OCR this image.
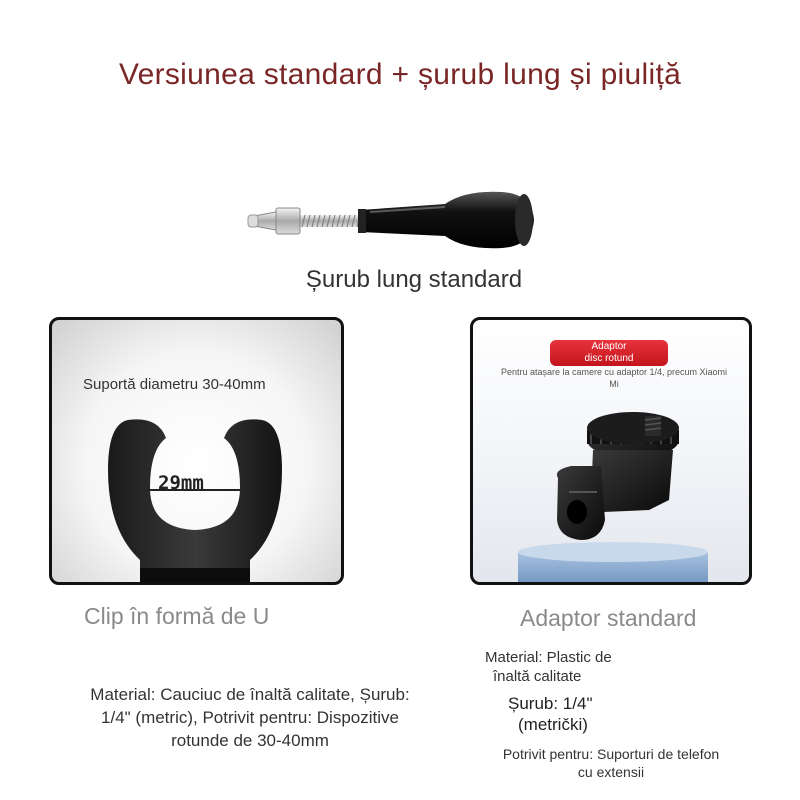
Versiunea standard + șurub lung și piuliță
Șurub lung standard
Suportă diametru 30-40mm
29mm
Adaptor
disc rotund
Pentru atașare la camere cu adaptor 1/4, precum Xiaomi
Mi
Clip în formă de U	Adaptor standard
Material: Cauciuc de înaltă calitate, Șurub:
1/4" (metric), Potrivit pentru: Dispozitive
rotunde de 30-40mm
Material: Plastic de
înaltă calitate
Șurub: 1/4"
(metrički)
Potrivit pentru: Suporturi de telefon
cu extensii
